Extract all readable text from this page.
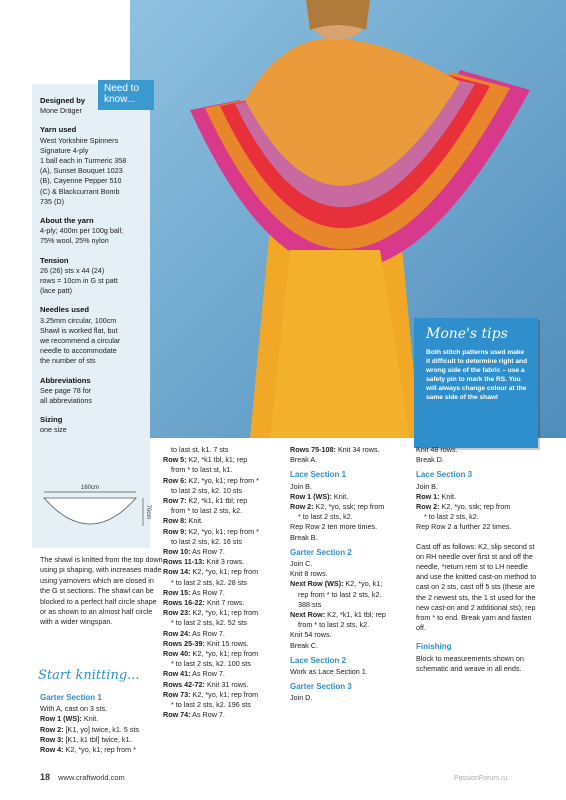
Need to know...
Designed by

Mone Dräger

Yarn used

West Yorkshire Spinners

Signature 4-ply

1 ball each in Turmeric 358

(A), Sunset Bouquet 1023

(B), Cayenne Pepper 510

(C) & Blackcurrant Bomb

735 (D)

About the yarn

4-ply; 400m per 100g ball;

75% wool, 25% nylon

Tension

26 (26) sts x 44 (24)

rows = 10cm in G st patt

(lace patt)

Needles used

3.25mm circular, 100cm

Shawl is worked flat, but

we recommend a circular

needle to accommodate

the number of sts

Abbreviations

See page 78 for

all abbreviations

Sizing

one size

160cm
70cm
Mone's tips

Both stitch patterns used make it difficult to determine right and wrong side of the fabric – use a safety pin to mark the RS. You will always change colour at the same side of the shawl

The shawl is knitted from the top down using pi shaping, with increases made using yarnovers which are closed in the G st sections. The shawl can be blocked to a perfect half circle shape or as shown to an almost half circle with a wider wingspan.

Start knitting...
Garter Section 1

With A, cast on 3 sts.

Row 1 (WS): Knit.

Row 2: [K1, yo] twice, k1. 5 sts

Row 3: [K1, k1 tbl] twice, k1.

Row 4: K2, *yo, k1; rep from *

to last st, k1. 7 sts

Row 5: K2, *k1 tbl, k1; rep

from * to last st, k1.

Row 6: K2, *yo, k1; rep from *

to last 2 sts, k2. 10 sts

Row 7: K2, *k1, k1 tbl; rep

from * to last 2 sts, k2.

Row 8: Knit.

Row 9: K2, *yo, k1; rep from *

to last 2 sts, k2. 16 sts

Row 10: As Row 7.

Rows 11-13: Knit 3 rows.

Row 14: K2, *yo, k1; rep from

* to last 2 sts, k2. 28 sts

Row 15: As Row 7.

Rows 16-22: Knit 7 rows.

Row 23: K2, *yo, k1; rep from

* to last 2 sts, k2. 52 sts

Row 24: As Row 7.

Rows 25-39: Knit 15 rows.

Row 40: K2, *yo, k1; rep from

* to last 2 sts, k2. 100 sts

Row 41: As Row 7.

Rows 42-72: Knit 31 rows.

Row 73: K2, *yo, k1; rep from

* to last 2 sts, k2. 196 sts

Row 74: As Row 7.

Rows 75-108: Knit 34 rows.

Break A.

Lace Section 1

Join B.

Row 1 (WS): Knit.

Row 2: K2, *yo, ssk; rep from

* to last 2 sts, k2.

Rep Row 2 ten more times.

Break B.

Garter Section 2

Join C.

Knit 8 rows.

Next Row (WS): K2, *yo, k1;

rep from * to last 2 sts, k2.

388 sts

Next Row: K2, *k1, k1 tbl; rep

from * to last 2 sts, k2.

Knit 54 rows.

Break C.

Lace Section 2

Work as Lace Section 1.

Garter Section 3

Join D.

Knit 48 rows.

Break D.

Lace Section 3

Join B.

Row 1: Knit.

Row 2: K2, *yo, ssk; rep from

* to last 2 sts, k2.

Rep Row 2 a further 22 times.

Cast off as follows: K2, slip second st on RH needle over first st and off the needle, *return rem st to LH needle and use the knitted cast-on method to cast on 2 sts, cast off 5 sts (these are the 2 newest sts, the 1 st used for the new cast-on and 2 additional sts); rep from * to end. Break yarn and fasten off.

Finishing

Block to measurements shown on schematic and weave in all ends.

18 www.craftworld.com	PassionForum.ru
